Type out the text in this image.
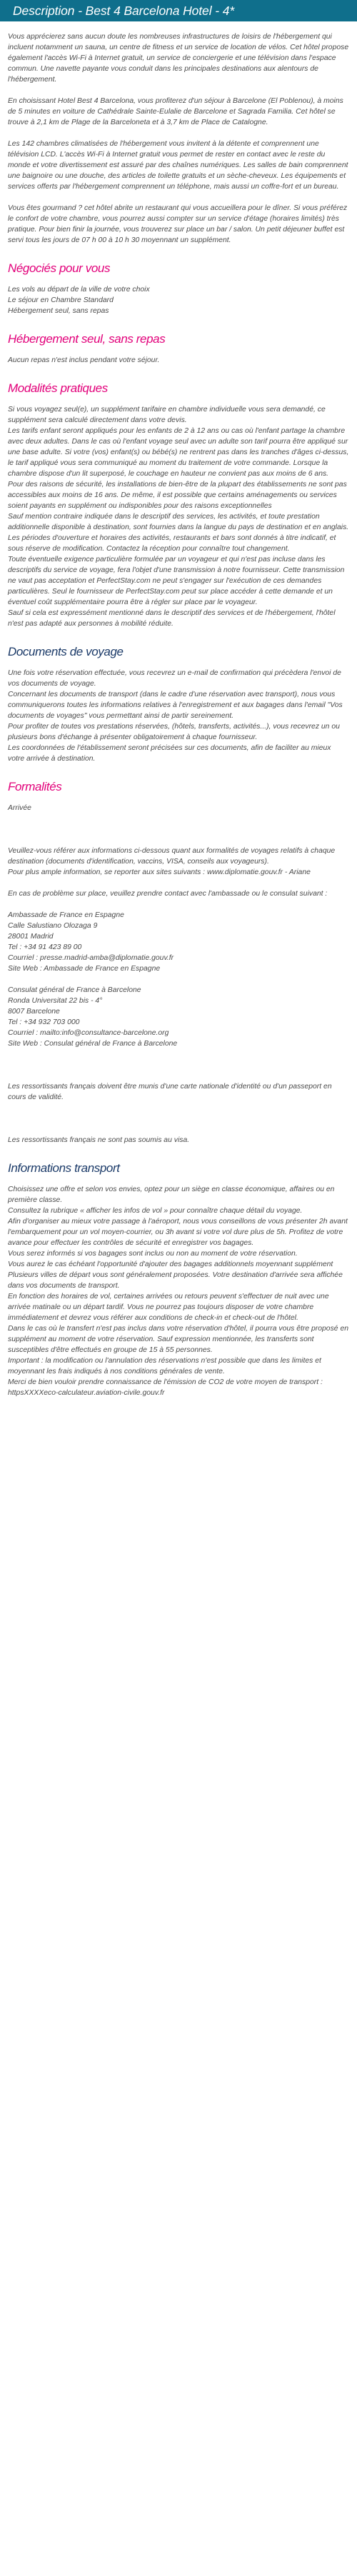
Description - Best 4 Barcelona Hotel - 4*

Vous apprécierez sans aucun doute les nombreuses infrastructures de loisirs de l'hébergement qui incluent notamment un sauna, un centre de fitness et un service de location de vélos. Cet hôtel propose également l'accès Wi-Fi à Internet gratuit, un service de conciergerie et une télévision dans l'espace commun. Une navette payante vous conduit dans les principales destinations aux alentours de l'hébergement.

En choisissant Hotel Best 4 Barcelona, vous profiterez d'un séjour à Barcelone (El Poblenou), à moins de 5 minutes en voiture de Cathédrale Sainte-Eulalie de Barcelone et Sagrada Familia. Cet hôtel se trouve à 2,1 km de Plage de la Barceloneta et à 3,7 km de Place de Catalogne.

Les 142 chambres climatisées de l'hébergement vous invitent à la détente et comprennent une télévision LCD. L'accès Wi-Fi à Internet gratuit vous permet de rester en contact avec le reste du monde et votre divertissement est assuré par des chaînes numériques. Les salles de bain comprennent une baignoire ou une douche, des articles de toilette gratuits et un sèche-cheveux. Les équipements et services offerts par l'hébergement comprennent un téléphone, mais aussi un coffre-fort et un bureau.

Vous êtes gourmand ? cet hôtel abrite un restaurant qui vous accueillera pour le dîner. Si vous préférez le confort de votre chambre, vous pourrez aussi compter sur un service d'étage (horaires limités) très pratique. Pour bien finir la journée, vous trouverez sur place un bar / salon. Un petit déjeuner buffet est servi tous les jours de 07 h 00 à 10 h 30 moyennant un supplément.

Négociés pour vous
Les vols au départ de la ville de votre choix
Le séjour en Chambre Standard
Hébergement seul, sans repas
Hébergement seul, sans repas

Aucun repas n'est inclus pendant votre séjour.

Modalités pratiques
Si vous voyagez seul(e), un supplément tarifaire en chambre individuelle vous sera demandé, ce supplément sera calculé directement dans votre devis.
Les tarifs enfant seront appliqués pour les enfants de 2 à 12 ans ou cas où l'enfant partage la chambre avec deux adultes. Dans le cas où l'enfant voyage seul avec un adulte son tarif pourra être appliqué sur une base adulte. Si votre (vos) enfant(s) ou bébé(s) ne rentrent pas dans les tranches d'âges ci-dessus, le tarif appliqué vous sera communiqué au moment du traitement de votre commande. Lorsque la chambre dispose d'un lit superposé, le couchage en hauteur ne convient pas aux moins de 6 ans.
Pour des raisons de sécurité, les installations de bien-être de la plupart des établissements ne sont pas accessibles aux moins de 16 ans. De même, il est possible que certains aménagements ou services soient payants en supplément ou indisponibles pour des raisons exceptionnelles
Sauf mention contraire indiquée dans le descriptif des services, les activités, et toute prestation additionnelle disponible à destination, sont fournies dans la langue du pays de destination et en anglais.
Les périodes d'ouverture et horaires des activités, restaurants et bars sont donnés à titre indicatif, et sous réserve de modification. Contactez la réception pour connaître tout changement.
Toute éventuelle exigence particulière formulée par un voyageur et qui n'est pas incluse dans les descriptifs du service de voyage, fera l'objet d'une transmission à notre fournisseur. Cette transmission ne vaut pas acceptation et PerfectStay.com ne peut s'engager sur l'exécution de ces demandes particulières. Seul le fournisseur de PerfectStay.com peut sur place accéder à cette demande et un éventuel coût supplémentaire pourra être à régler sur place par le voyageur.
Sauf si cela est expressément mentionné dans le descriptif des services et de l'hébergement, l'hôtel n'est pas adapté aux personnes à mobilité réduite.
Documents de voyage
Une fois votre réservation effectuée, vous recevrez un e-mail de confirmation qui précèdera l'envoi de vos documents de voyage.
Concernant les documents de transport (dans le cadre d'une réservation avec transport), nous vous communiquerons toutes les informations relatives à l'enregistrement et aux bagages dans l'email "Vos documents de voyages" vous permettant ainsi de partir sereinement.
Pour profiter de toutes vos prestations réservées, (hôtels, transferts, activités...), vous recevrez un ou plusieurs bons d'échange à présenter obligatoirement à chaque fournisseur.
Les coordonnées de l'établissement seront précisées sur ces documents, afin de faciliter au mieux votre arrivée à destination.
Formalités

Arrivée

Veuillez-vous référer aux informations ci-dessous quant aux formalités de voyages relatifs à chaque destination (documents d'identification, vaccins, VISA, conseils aux voyageurs).

Pour plus ample information, se reporter aux sites suivants : www.diplomatie.gouv.fr - Ariane

En cas de problème sur place, veuillez prendre contact avec l'ambassade ou le consulat suivant :

Ambassade de France en Espagne
Calle Salustiano Olozaga 9
28001 Madrid
Tel : +34 91 423 89 00
Courriel : presse.madrid-amba@diplomatie.gouv.fr
Site Web : Ambassade de France en Espagne
Consulat général de France à Barcelone
Ronda Universitat 22 bis - 4°
8007 Barcelone
Tel : +34 932 703 000
Courriel : mailto:info@consultance-barcelone.org
Site Web : Consulat général de France à Barcelone

Les ressortissants français doivent être munis d'une carte nationale d'identité ou d'un passeport en cours de validité.

Les ressortissants français ne sont pas soumis au visa.

Informations transport
Choisissez une offre et selon vos envies, optez pour un siège en classe économique, affaires ou en première classe.
Consultez la rubrique « afficher les infos de vol » pour connaître chaque détail du voyage.
Afin d'organiser au mieux votre passage à l'aéroport, nous vous conseillons de vous présenter 2h avant l'embarquement pour un vol moyen-courrier, ou 3h avant si votre vol dure plus de 5h. Profitez de votre avance pour effectuer les contrôles de sécurité et enregistrer vos bagages.
Vous serez informés si vos bagages sont inclus ou non au moment de votre réservation.
Vous aurez le cas échéant l'opportunité d'ajouter des bagages additionnels moyennant supplément
Plusieurs villes de départ vous sont généralement proposées. Votre destination d'arrivée sera affichée dans vos documents de transport.
En fonction des horaires de vol, certaines arrivées ou retours peuvent s'effectuer de nuit avec une arrivée matinale ou un départ tardif. Vous ne pourrez pas toujours disposer de votre chambre immédiatement et devrez vous référer aux conditions de check-in et check-out de l'hôtel.
Dans le cas où le transfert n'est pas inclus dans votre réservation d'hôtel, il pourra vous être proposé en supplément au moment de votre réservation. Sauf expression mentionnée, les transferts sont susceptibles d'être effectués en groupe de 15 à 55 personnes.
Important : la modification ou l'annulation des réservations n'est possible que dans les limites et moyennant les frais indiqués à nos conditions générales de vente.
Merci de bien vouloir prendre connaissance de l'émission de CO2 de votre moyen de transport : httpsXXXXeco-calculateur.aviation-civile.gouv.fr
